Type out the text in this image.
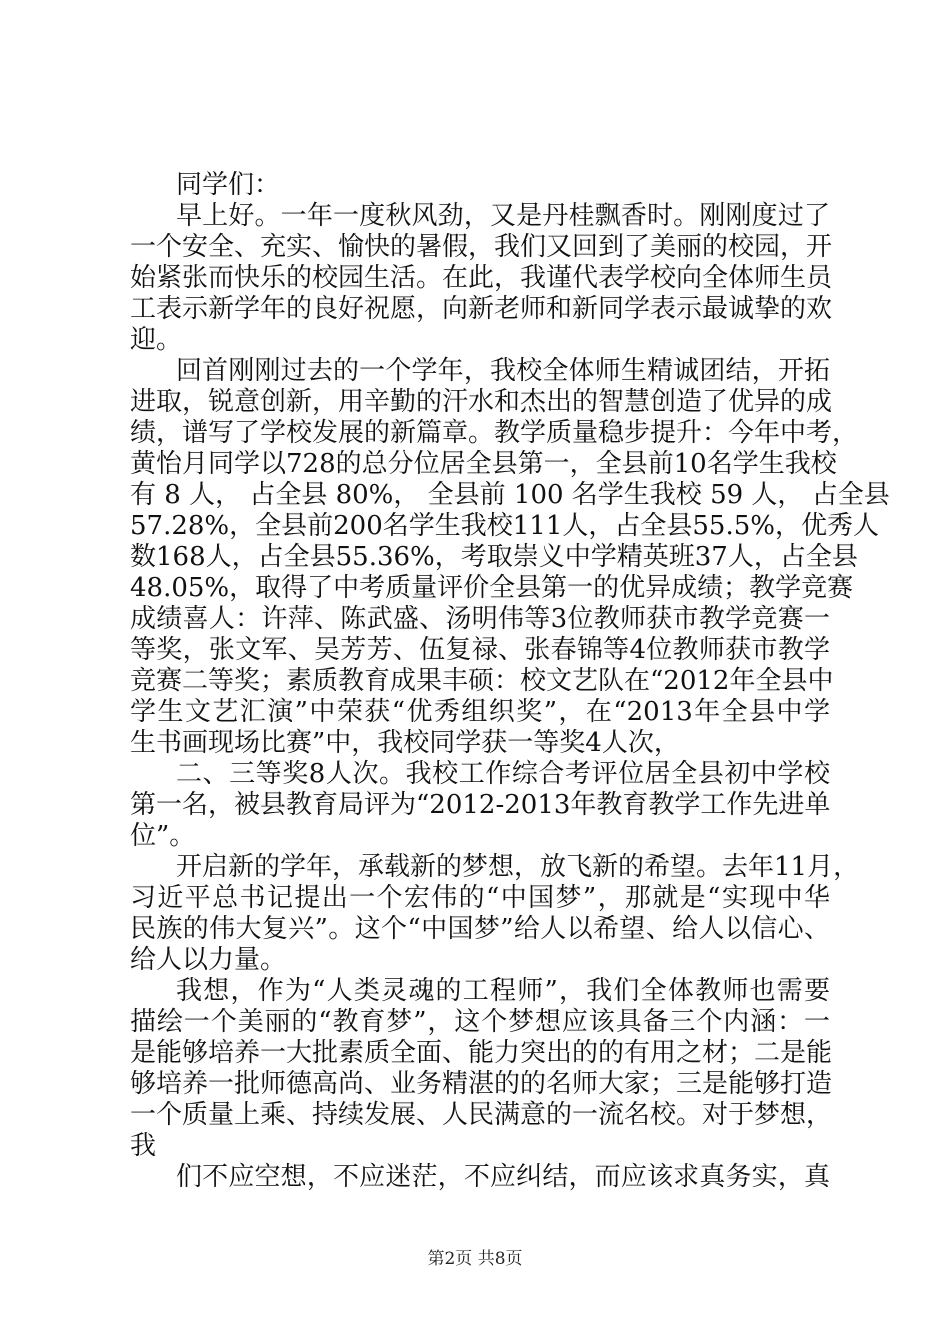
同学们：
早上好。一年一度秋风劲，又是丹桂飘香时。刚刚度过了
一个安全、充实、愉快的暑假，我们又回到了美丽的校园，开
始紧张而快乐的校园生活。在此，我谨代表学校向全体师生员
工表示新学年的良好祝愿，向新老师和新同学表示最诚挚的欢
迎。
回首刚刚过去的一个学年，我校全体师生精诚团结，开拓
进取，锐意创新，用辛勤的汗水和杰出的智慧创造了优异的成
绩，谱写了学校发展的新篇章。教学质量稳步提升：今年中考，
黄怡月同学以728的总分位居全县第一，全县前10名学生我校
有 8 人， 占全县 80%， 全县前 100 名学生我校 59 人， 占全县
57.28%，全县前200名学生我校111人，占全县55.5%，优秀人
数168人，占全县55.36%，考取崇义中学精英班37人，占全县
48.05%，取得了中考质量评价全县第一的优异成绩；教学竞赛
成绩喜人：许萍、陈武盛、汤明伟等3位教师获市教学竞赛一
等奖，张文军、吴芳芳、伍复禄、张春锦等4位教师获市教学
竞赛二等奖；素质教育成果丰硕：校文艺队在“2012年全县中
学生文艺汇演”中荣获“优秀组织奖”，在“2013年全县中学
生书画现场比赛”中，我校同学获一等奖4人次，
二、三等奖8人次。我校工作综合考评位居全县初中学校
第一名，被县教育局评为“2012-2013年教育教学工作先进单
位”。
开启新的学年，承载新的梦想，放飞新的希望。去年11月，
习近平总书记提出一个宏伟的“中国梦”，那就是“实现中华
民族的伟大复兴”。这个“中国梦”给人以希望、给人以信心、
给人以力量。
我想，作为“人类灵魂的工程师”，我们全体教师也需要
描绘一个美丽的“教育梦”，这个梦想应该具备三个内涵：一
是能够培养一大批素质全面、能力突出的的有用之材；二是能
够培养一批师德高尚、业务精湛的的名师大家；三是能够打造
一个质量上乘、持续发展、人民满意的一流名校。对于梦想，
我
们不应空想，不应迷茫，不应纠结，而应该求真务实，真
第2页 共8页
